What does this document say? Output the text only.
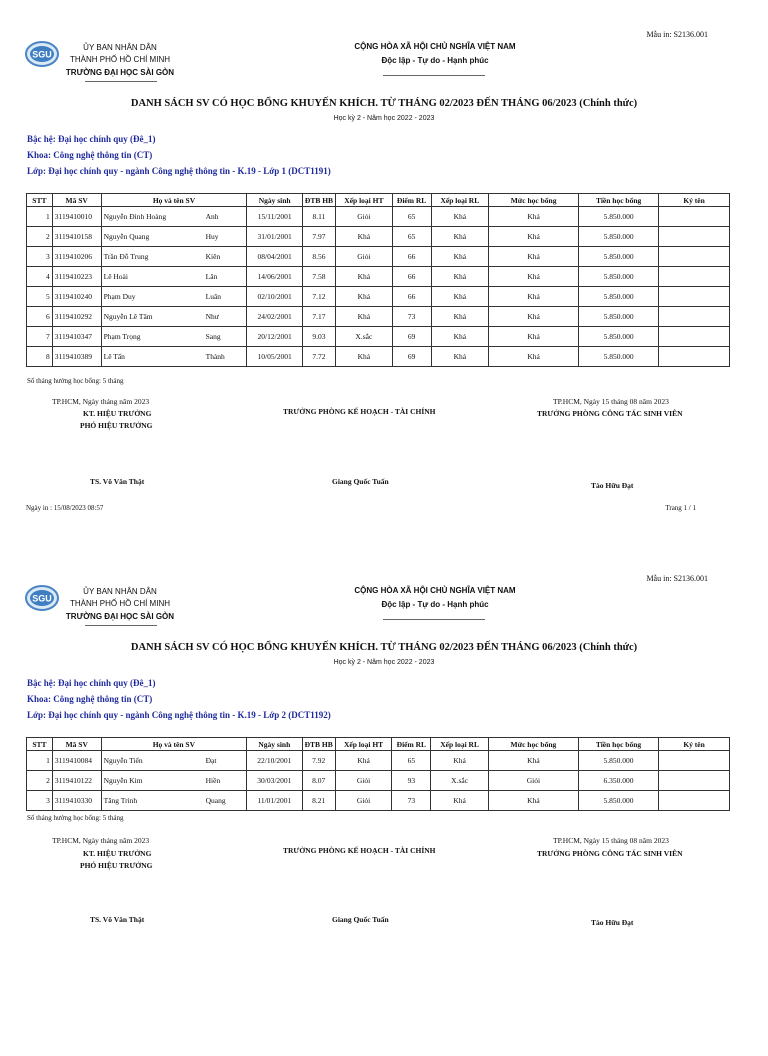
Mẫu in: S2136.001
SGU
ỦY BAN NHÂN DÂN
THÀNH PHỐ HỒ CHÍ MINH
TRƯỜNG ĐẠI HỌC SÀI GÒN
CỘNG HÒA XÃ HỘI CHỦ NGHĨA VIỆT NAM
Độc lập - Tự do - Hạnh phúc
DANH SÁCH SV CÓ HỌC BỔNG KHUYẾN KHÍCH. TỪ THÁNG 02/2023 ĐẾN THÁNG 06/2023 (Chính thức)
Học kỳ 2 - Năm học 2022 - 2023
Bậc hệ: Đại học chính quy (Đê_1)
Khoa: Công nghệ thông tin (CT)
Lớp: Đại học chính quy - ngành Công nghệ thông tin - K.19 - Lớp 1 (DCT1191)
STT	Mã SV	Họ và tên SV	Ngày sinh	ĐTB HB	Xếp loại HT	Điểm RL	Xếp loại RL	Mức học bổng	Tiền học bổng	Ký tên
1	3119410010	Nguyễn Đình Hoàng Anh	15/11/2001	8.11	Giỏi	65	Khá	Khá	5.850.000	
2	3119410158	Nguyễn Quang Huy	31/01/2001	7.97	Khá	65	Khá	Khá	5.850.000	
3	3119410206	Trần Đỗ Trung Kiên	08/04/2001	8.56	Giỏi	66	Khá	Khá	5.850.000	
4	3119410223	Lê Hoài Lân	14/06/2001	7.58	Khá	66	Khá	Khá	5.850.000	
5	3119410240	Phạm Duy Luân	02/10/2001	7.12	Khá	66	Khá	Khá	5.850.000	
6	3119410292	Nguyễn Lê Tâm Như	24/02/2001	7.17	Khá	73	Khá	Khá	5.850.000	
7	3119410347	Phạm Trọng Sang	20/12/2001	9.03	X.sắc	69	Khá	Khá	5.850.000	
8	3119410389	Lê Tấn Thành	10/05/2001	7.72	Khá	69	Khá	Khá	5.850.000	
Số tháng hưởng học bổng: 5 tháng
TP.HCM, Ngày tháng năm 2023
KT. HIỆU TRƯỞNG
PHÓ HIỆU TRƯỞNG
TS. Võ Văn Thật
TRƯỞNG PHÒNG KẾ HOẠCH - TÀI CHÍNH
Giang Quốc Tuấn
TP.HCM, Ngày 15 tháng 08 năm 2023
TRƯỞNG PHÒNG CÔNG TÁC SINH VIÊN
Tào Hữu Đạt
Ngày in : 15/08/2023 08:57	Trang 1 / 1
Mẫu in: S2136.001
SGU
ỦY BAN NHÂN DÂN
THÀNH PHỐ HỒ CHÍ MINH
TRƯỜNG ĐẠI HỌC SÀI GÒN
CỘNG HÒA XÃ HỘI CHỦ NGHĨA VIỆT NAM
Độc lập - Tự do - Hạnh phúc
DANH SÁCH SV CÓ HỌC BỔNG KHUYẾN KHÍCH. TỪ THÁNG 02/2023 ĐẾN THÁNG 06/2023 (Chính thức)
Học kỳ 2 - Năm học 2022 - 2023
Bậc hệ: Đại học chính quy (Đê_1)
Khoa: Công nghệ thông tin (CT)
Lớp: Đại học chính quy - ngành Công nghệ thông tin - K.19 - Lớp 2 (DCT1192)
STT	Mã SV	Họ và tên SV	Ngày sinh	ĐTB HB	Xếp loại HT	Điểm RL	Xếp loại RL	Mức học bổng	Tiền học bổng	Ký tên
1	3119410084	Nguyễn Tiến Đạt	22/10/2001	7.92	Khá	65	Khá	Khá	5.850.000	
2	3119410122	Nguyễn Kim Hiền	30/03/2001	8.07	Giỏi	93	X.sắc	Giỏi	6.350.000	
3	3119410330	Tăng Trình Quang	11/01/2001	8.21	Giỏi	73	Khá	Khá	5.850.000	
Số tháng hưởng học bổng: 5 tháng
TP.HCM, Ngày tháng năm 2023
KT. HIỆU TRƯỞNG
PHÓ HIỆU TRƯỞNG
TS. Võ Văn Thật
TRƯỞNG PHÒNG KẾ HOẠCH - TÀI CHÍNH
Giang Quốc Tuấn
TP.HCM, Ngày 15 tháng 08 năm 2023
TRƯỞNG PHÒNG CÔNG TÁC SINH VIÊN
Tào Hữu Đạt
